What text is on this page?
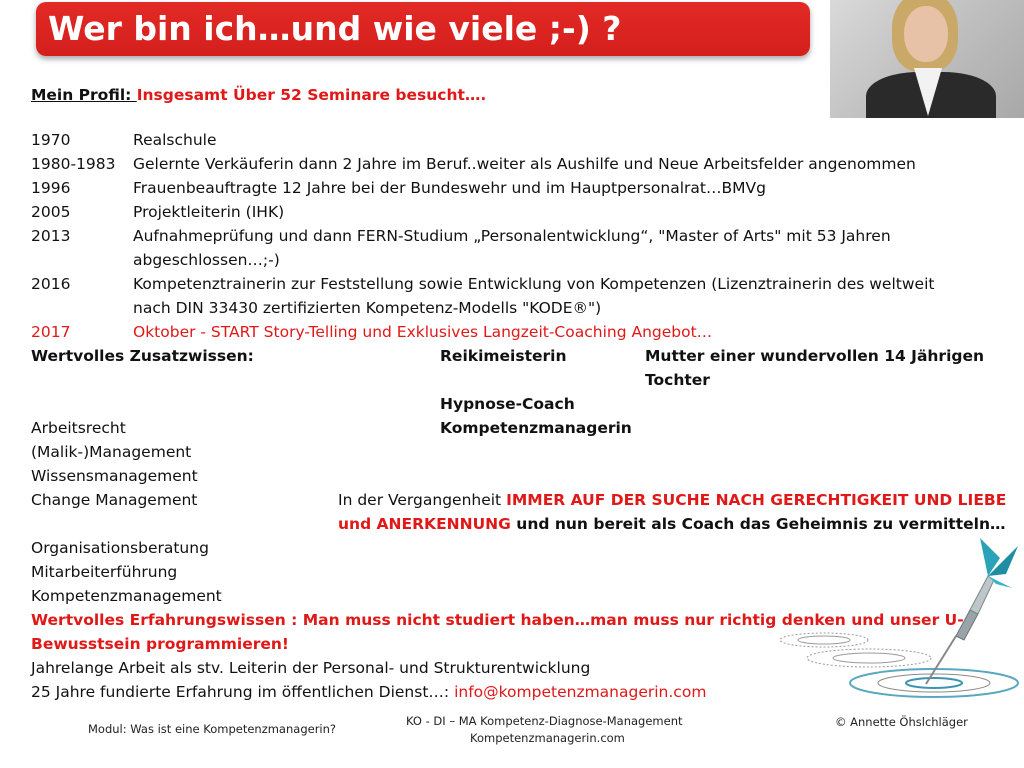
Wer bin ich…und wie viele ;-) ?
Mein Profil: Insgesamt Über 52 Seminare besucht….
1970	Realschule
1980-1983 Gelernte Verkäuferin dann 2 Jahre im Beruf..weiter als Aushilfe und Neue Arbeitsfelder angenommen
1996	Frauenbeauftragte 12 Jahre bei der Bundeswehr und im Hauptpersonalrat…BMVg
2005	Projektleiterin (IHK)
2013	Aufnahmeprüfung und dann FERN-Studium „Personalentwicklung“, "Master of Arts" mit 53 Jahren
abgeschlossen…;-)
2016	Kompetenztrainerin zur Feststellung sowie Entwicklung von Kompetenzen (Lizenztrainerin des weltweit
nach DIN 33430 zertifizierten Kompetenz-Modells "KODE®")
2017	Oktober - START Story-Telling und Exklusives Langzeit-Coaching Angebot…
Wertvolles Zusatzwissen:	Reikimeisterin	Mutter einer wundervollen 14 Jährigen
Tochter
Hypnose-Coach
Kompetenzmanagerin
Arbeitsrecht
(Malik-)Management
Wissensmanagement
Change Management	In der Vergangenheit IMMER AUF DER SUCHE NACH GERECHTIGKEIT UND LIEBE
und ANERKENNUNG und nun bereit als Coach das Geheimnis zu vermitteln…
Organisationsberatung
Mitarbeiterführung
Kompetenzmanagement
Wertvolles Erfahrungswissen : Man muss nicht studiert haben…man muss nur richtig denken und unser U-
Bewusstsein programmieren!
Jahrelange Arbeit als stv. Leiterin der Personal- und Strukturentwicklung
25 Jahre fundierte Erfahrung im öffentlichen Dienst…: info@kompetenzmanagerin.com
Modul: Was ist eine Kompetenzmanagerin?
KO - DI – MA Kompetenz-Diagnose-Management
Kompetenzmanagerin.com
© Annette Öhslchläger
